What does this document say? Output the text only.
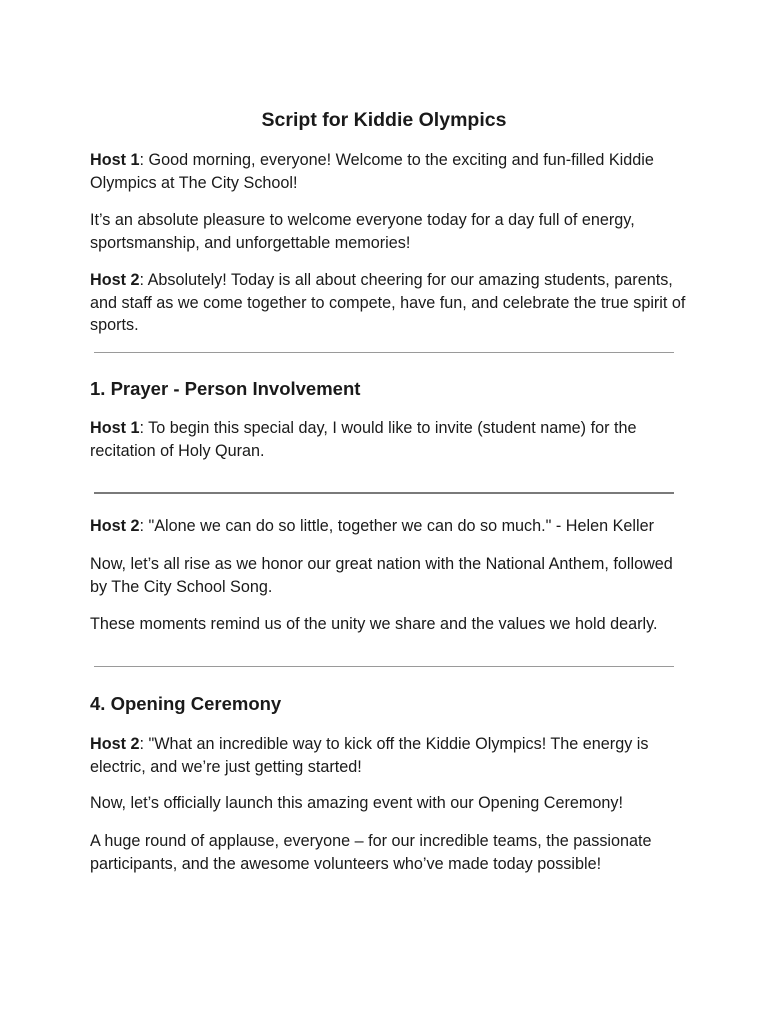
Script for Kiddie Olympics
Host 1: Good morning, everyone! Welcome to the exciting and fun-filled Kiddie Olympics at The City School!
It’s an absolute pleasure to welcome everyone today for a day full of energy, sportsmanship, and unforgettable memories!
Host 2: Absolutely! Today is all about cheering for our amazing students, parents, and staff as we come together to compete, have fun, and celebrate the true spirit of sports.
1. Prayer - Person Involvement
Host 1: To begin this special day, I would like to invite (student name) for the recitation of Holy Quran.
Host 2: "Alone we can do so little, together we can do so much." - Helen Keller
Now, let’s all rise as we honor our great nation with the National Anthem, followed by The City School Song.
These moments remind us of the unity we share and the values we hold dearly.
4. Opening Ceremony
Host 2: "What an incredible way to kick off the Kiddie Olympics! The energy is electric, and we’re just getting started!
Now, let’s officially launch this amazing event with our Opening Ceremony!
A huge round of applause, everyone – for our incredible teams, the passionate participants, and the awesome volunteers who’ve made today possible!
